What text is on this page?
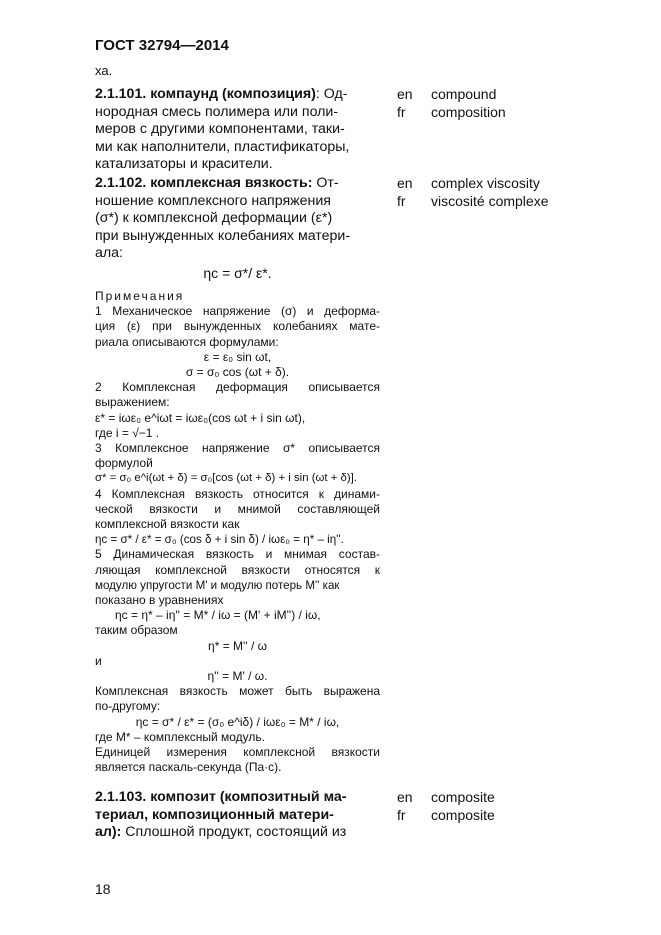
ГОСТ 32794—2014
ха.
2.1.101. компаунд (композиция): Од-
нородная смесь полимера или поли-
меров с другими компонентами, таки-
ми как наполнители, пластификаторы,
катализаторы и красители.
en
fr
compound
composition
2.1.102. комплексная вязкость: От-
ношение комплексного напряжения
(σ*) к комплексной деформации (ε*)
при вынужденных колебаниях матери-
ала:
en
fr
complex viscosity
viscosité complexe
ηc = σ*/ ε*.
Примечания
1 Механическое напряжение (σ) и деформа-
ция (ε) при вынужденных колебаниях мате-
риала описываются формулами:
ε = ε₀ sin ωt,
σ = σ₀ cos (ωt + δ).
2 Комплексная деформация описывается
выражением:
ε* = iωε₀ e^iωt = iωε₀(cos ωt + i sin ωt),
где i = √−1 .
3 Комплексное напряжение σ* описывается
формулой
σ* = σ₀ e^i(ωt + δ) = σ₀[cos (ωt + δ) + i sin (ωt + δ)].
4 Комплексная вязкость относится к динами-
ческой вязкости и мнимой составляющей
комплексной вязкости как
ηc = σ* / ε* = σ₀ (cos δ + i sin δ) / iωε₀ = η* – iη''.
5 Динамическая вязкость и мнимая состав-
ляющая комплексной вязкости относятся к
модулю упругости M' и модулю потерь M'' как
показано в уравнениях
ηc = η* – iη'' = M* / iω = (M' + iM'') / iω,
таким образом
η* = M'' / ω
и
η'' = M' / ω.
Комплексная вязкость может быть выражена
по-другому:
ηc = σ* / ε* = (σ₀ e^iδ) / iωε₀ = M* / iω,
где M* – комплексный модуль.
Единицей измерения комплексной вязкости
является паскаль-секунда (Па·с).
2.1.103. композит (композитный ма-
териал, композиционный матери-
ал): Сплошной продукт, состоящий из
en
fr
composite
composite
18
